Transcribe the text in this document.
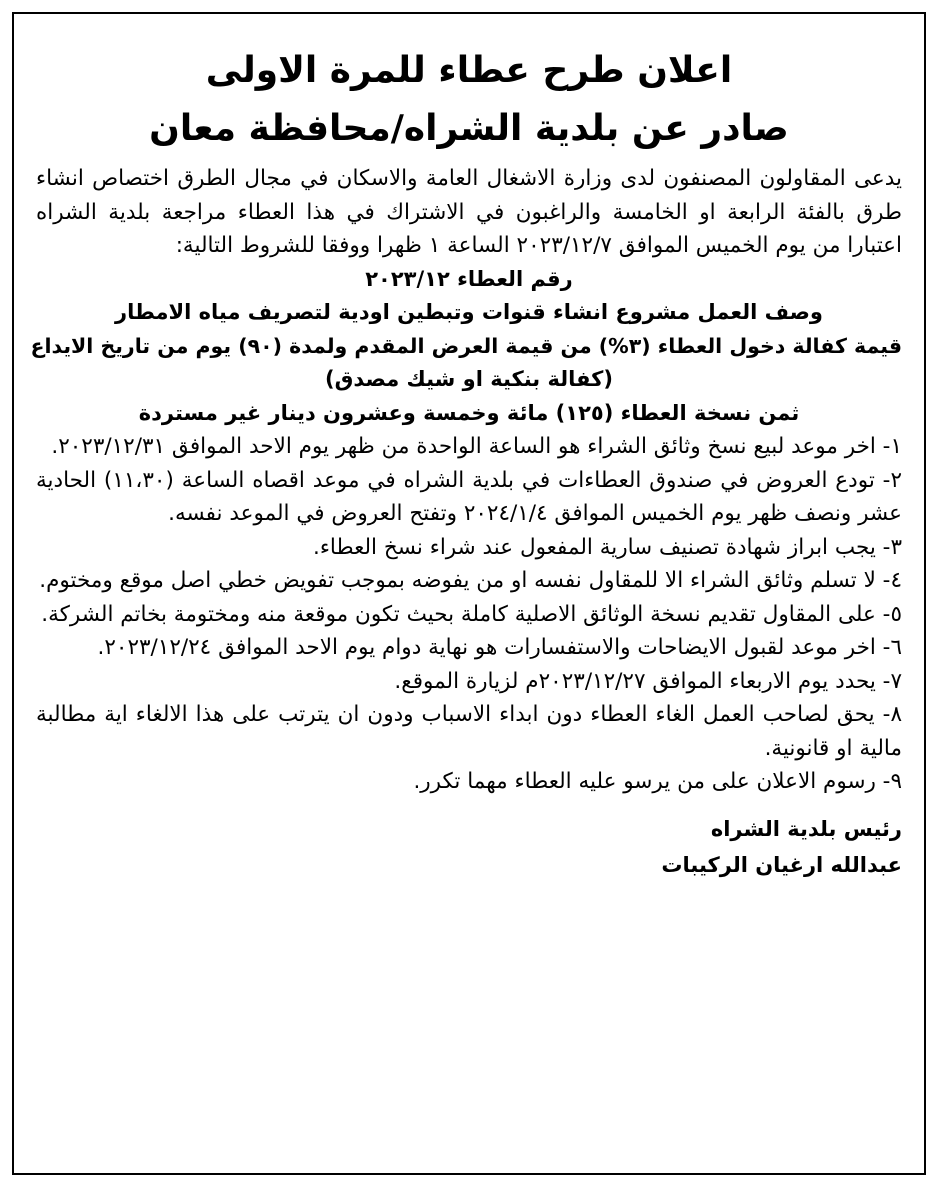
اعلان طرح عطاء للمرة الاولى
صادر عن بلدية الشراه/محافظة معان
يدعى المقاولون المصنفون لدى وزارة الاشغال العامة والاسكان في مجال الطرق اختصاص انشاء طرق بالفئة الرابعة او الخامسة والراغبون في الاشتراك في هذا العطاء مراجعة بلدية الشراه اعتبارا من يوم الخميس الموافق ٢٠٢٣/١٢/٧ الساعة ١ ظهرا ووفقا للشروط التالية:
رقم العطاء ٢٠٢٣/١٢
وصف العمل مشروع انشاء قنوات وتبطين اودية لتصريف مياه الامطار
قيمة كفالة دخول العطاء (٣%) من قيمة العرض المقدم ولمدة (٩٠) يوم من تاريخ الايداع
(كفالة بنكية او شيك مصدق)
ثمن نسخة العطاء (١٢٥) مائة وخمسة وعشرون دينار غير مستردة
١- اخر موعد لبيع نسخ وثائق الشراء هو الساعة الواحدة من ظهر يوم الاحد الموافق ٢٠٢٣/١٢/٣١.
٢- تودع العروض في صندوق العطاءات في بلدية الشراه في موعد اقصاه الساعة (١١،٣٠) الحادية عشر ونصف ظهر يوم الخميس الموافق ٢٠٢٤/١/٤ وتفتح العروض في الموعد نفسه.
٣- يجب ابراز شهادة تصنيف سارية المفعول عند شراء نسخ العطاء.
٤- لا تسلم وثائق الشراء الا للمقاول نفسه او من يفوضه بموجب تفويض خطي اصل موقع ومختوم.
٥- على المقاول تقديم نسخة الوثائق الاصلية كاملة بحيث تكون موقعة منه ومختومة بخاتم الشركة.
٦- اخر موعد لقبول الايضاحات والاستفسارات هو نهاية دوام يوم الاحد الموافق ٢٠٢٣/١٢/٢٤.
٧- يحدد يوم الاربعاء الموافق ٢٠٢٣/١٢/٢٧م لزيارة الموقع.
٨- يحق لصاحب العمل الغاء العطاء دون ابداء الاسباب ودون ان يترتب على هذا الالغاء اية مطالبة مالية او قانونية.
٩- رسوم الاعلان على من يرسو عليه العطاء مهما تكرر.
رئيس بلدية الشراه
عبدالله ارغيان الركيبات
